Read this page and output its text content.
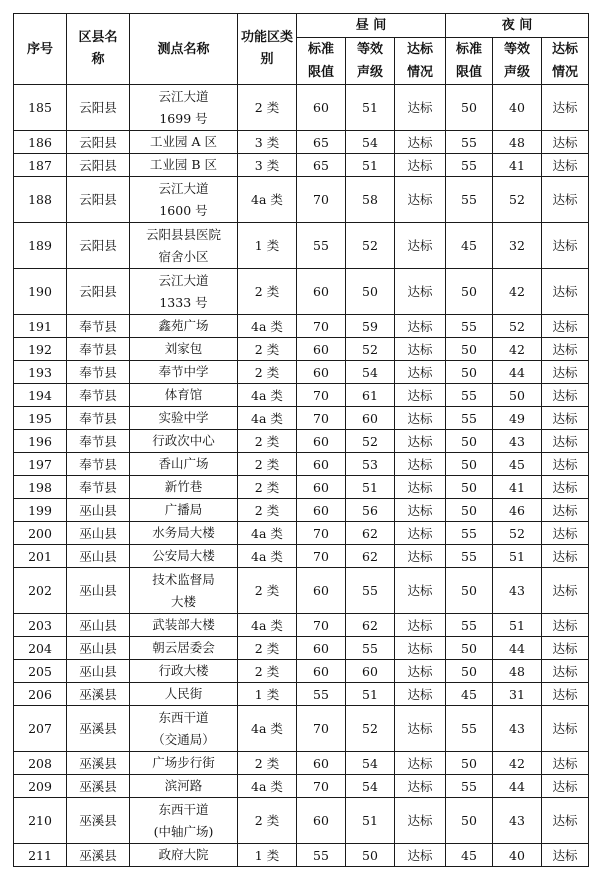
序号	区县名称	测点名称	功能区类别	昼 间			夜 间		

				标准限值	等效声级	达标情况	标准限值	等效声级	达标情况

185	云阳县	云江大道
1699 号	2 类	60	51	达标	50	40	达标
186	云阳县	工业园 A 区	3 类	65	54	达标	55	48	达标
187	云阳县	工业园 B 区	3 类	65	51	达标	55	41	达标
188	云阳县	云江大道
1600 号	4a 类	70	58	达标	55	52	达标
189	云阳县	云阳县县医院
宿舍小区	1 类	55	52	达标	45	32	达标
190	云阳县	云江大道
1333 号	2 类	60	50	达标	50	42	达标
191	奉节县	鑫苑广场	4a 类	70	59	达标	55	52	达标
192	奉节县	刘家包	2 类	60	52	达标	50	42	达标
193	奉节县	奉节中学	2 类	60	54	达标	50	44	达标
194	奉节县	体育馆	4a 类	70	61	达标	55	50	达标
195	奉节县	实验中学	4a 类	70	60	达标	55	49	达标
196	奉节县	行政次中心	2 类	60	52	达标	50	43	达标
197	奉节县	香山广场	2 类	60	53	达标	50	45	达标
198	奉节县	新竹巷	2 类	60	51	达标	50	41	达标
199	巫山县	广播局	2 类	60	56	达标	50	46	达标
200	巫山县	水务局大楼	4a 类	70	62	达标	55	52	达标
201	巫山县	公安局大楼	4a 类	70	62	达标	55	51	达标
202	巫山县	技术监督局
大楼	2 类	60	55	达标	50	43	达标
203	巫山县	武装部大楼	4a 类	70	62	达标	55	51	达标
204	巫山县	朝云居委会	2 类	60	55	达标	50	44	达标
205	巫山县	行政大楼	2 类	60	60	达标	50	48	达标
206	巫溪县	人民街	1 类	55	51	达标	45	31	达标
207	巫溪县	东西干道
（交通局）	4a 类	70	52	达标	55	43	达标
208	巫溪县	广场步行街	2 类	60	54	达标	50	42	达标
209	巫溪县	滨河路	4a 类	70	54	达标	55	44	达标
210	巫溪县	东西干道
(中轴广场)	2 类	60	51	达标	50	43	达标
211	巫溪县	政府大院	1 类	55	50	达标	45	40	达标
